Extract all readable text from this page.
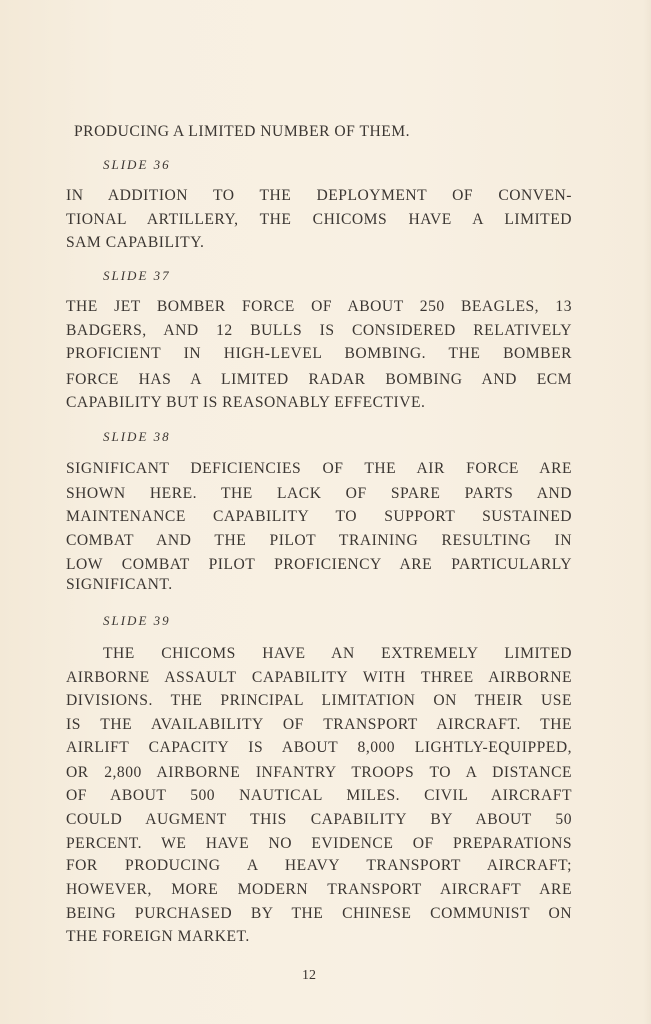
PRODUCING A LIMITED NUMBER OF THEM.
SLIDE 36
IN ADDITION TO THE DEPLOYMENT OF CONVEN-
TIONAL ARTILLERY, THE CHICOMS HAVE A LIMITED
SAM CAPABILITY.
SLIDE 37
THE JET BOMBER FORCE OF ABOUT 250 BEAGLES, 13
BADGERS, AND 12 BULLS IS CONSIDERED RELATIVELY
PROFICIENT IN HIGH-LEVEL BOMBING. THE BOMBER
FORCE HAS A LIMITED RADAR BOMBING AND ECM
CAPABILITY BUT IS REASONABLY EFFECTIVE.
SLIDE 38
SIGNIFICANT DEFICIENCIES OF THE AIR FORCE ARE
SHOWN HERE. THE LACK OF SPARE PARTS AND
MAINTENANCE CAPABILITY TO SUPPORT SUSTAINED
COMBAT AND THE PILOT TRAINING RESULTING IN
LOW COMBAT PILOT PROFICIENCY ARE PARTICULARLY
SIGNIFICANT.
SLIDE 39
THE CHICOMS HAVE AN EXTREMELY LIMITED
AIRBORNE ASSAULT CAPABILITY WITH THREE AIRBORNE
DIVISIONS. THE PRINCIPAL LIMITATION ON THEIR USE
IS THE AVAILABILITY OF TRANSPORT AIRCRAFT. THE
AIRLIFT CAPACITY IS ABOUT 8,000 LIGHTLY-EQUIPPED,
OR 2,800 AIRBORNE INFANTRY TROOPS TO A DISTANCE
OF ABOUT 500 NAUTICAL MILES. CIVIL AIRCRAFT
COULD AUGMENT THIS CAPABILITY BY ABOUT 50
PERCENT. WE HAVE NO EVIDENCE OF PREPARATIONS
FOR PRODUCING A HEAVY TRANSPORT AIRCRAFT;
HOWEVER, MORE MODERN TRANSPORT AIRCRAFT ARE
BEING PURCHASED BY THE CHINESE COMMUNIST ON
THE FOREIGN MARKET.
12
